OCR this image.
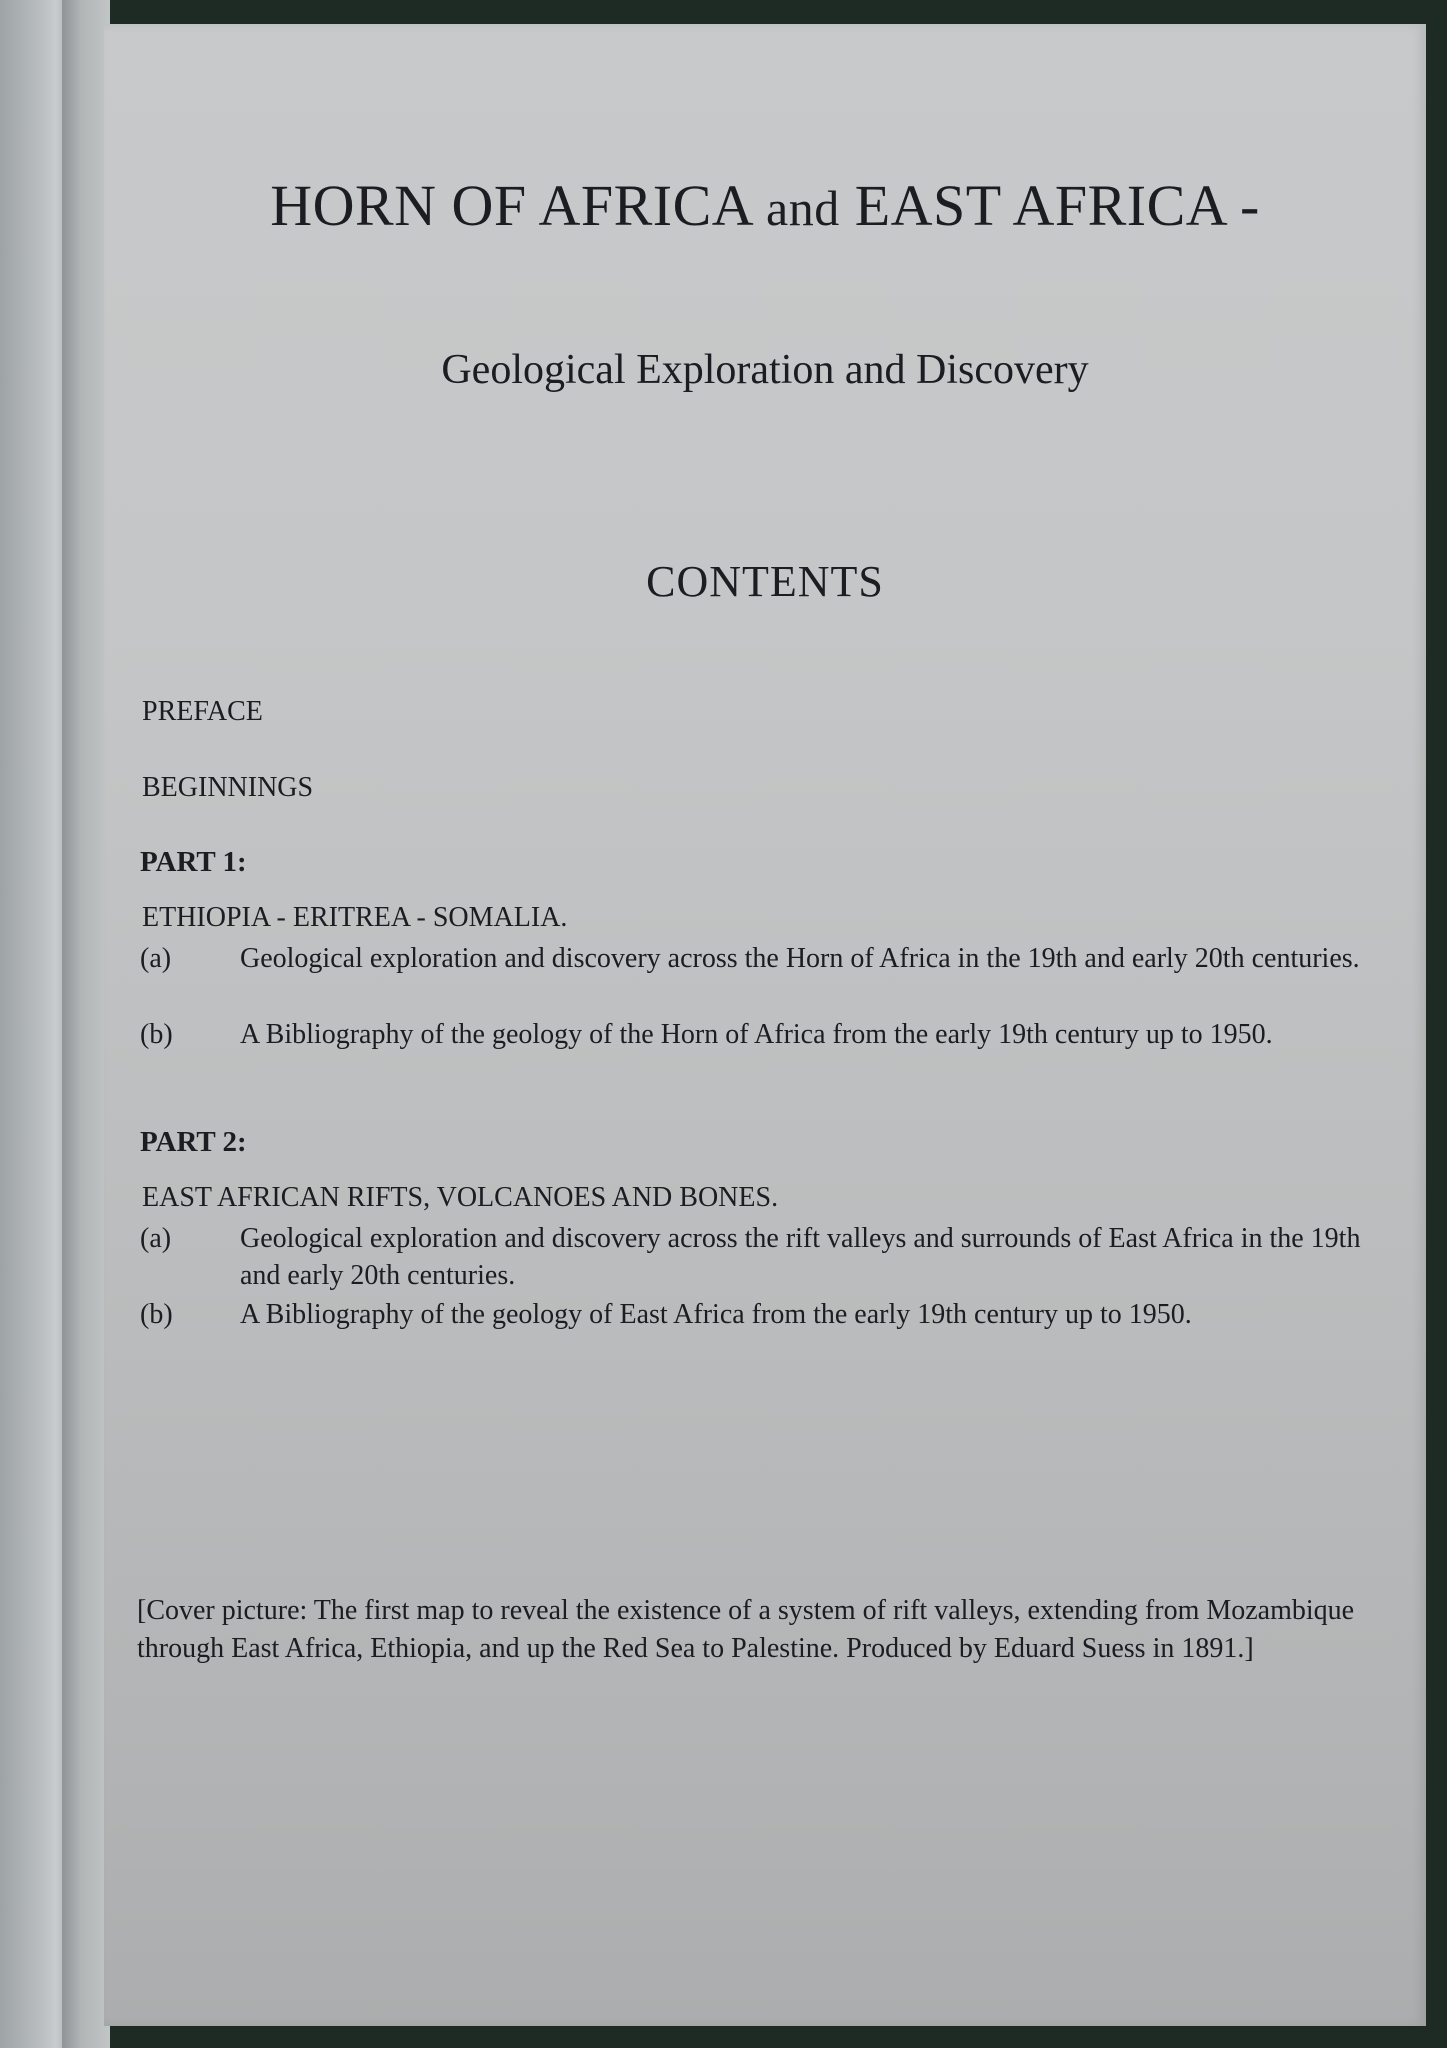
HORN OF AFRICA and EAST AFRICA -
Geological Exploration and Discovery
CONTENTS
PREFACE
BEGINNINGS
PART 1:
ETHIOPIA - ERITREA - SOMALIA.
(a) Geological exploration and discovery across the Horn of Africa in the 19th and early 20th centuries.
(b) A Bibliography of the geology of the Horn of Africa from the early 19th century up to 1950.
PART 2:
EAST AFRICAN RIFTS, VOLCANOES AND BONES.
(a) Geological exploration and discovery across the rift valleys and surrounds of East Africa in the 19th and early 20th centuries.
(b) A Bibliography of the geology of East Africa from the early 19th century up to 1950.
[Cover picture: The first map to reveal the existence of a system of rift valleys, extending from Mozambique through East Africa, Ethiopia, and up the Red Sea to Palestine. Produced by Eduard Suess in 1891.]
